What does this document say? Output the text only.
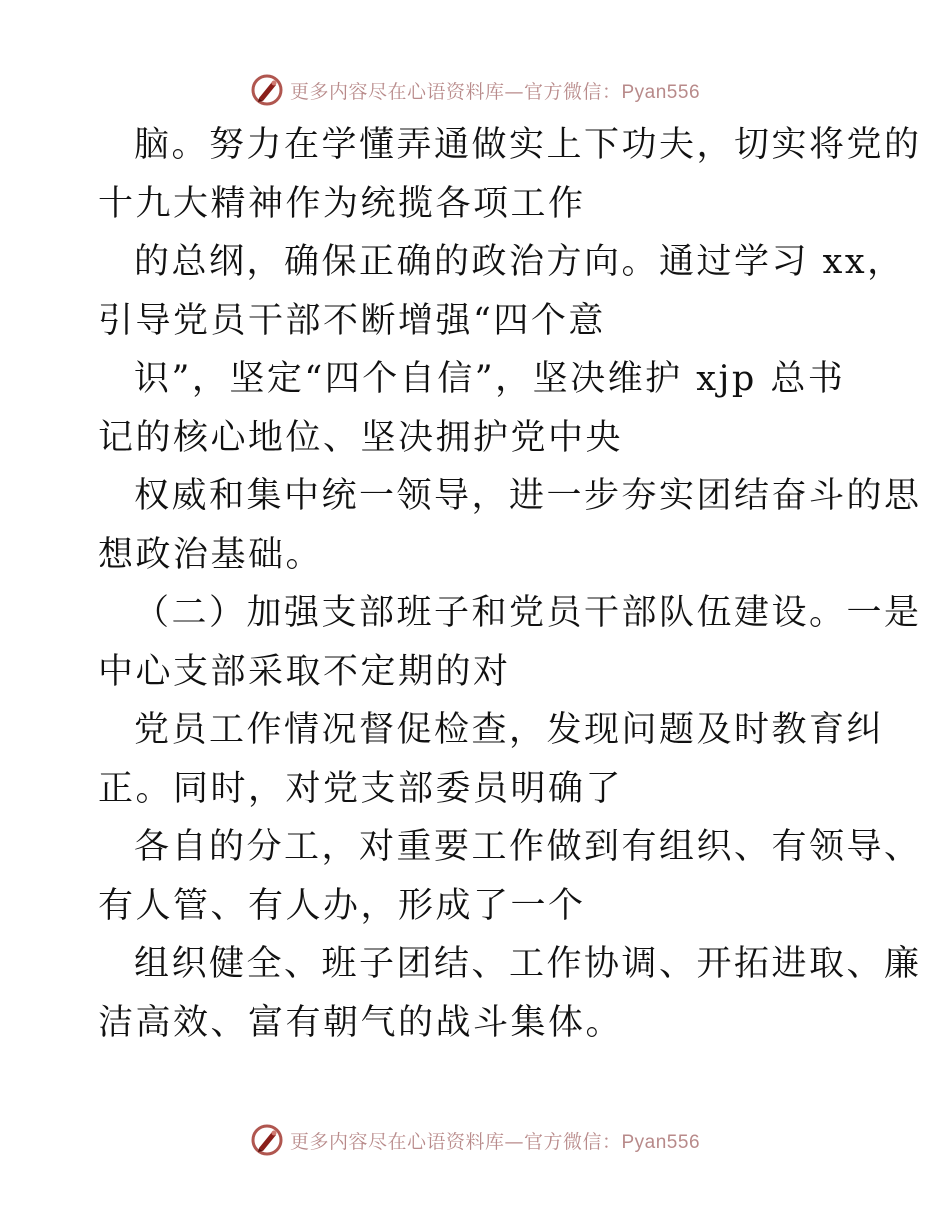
更多内容尽在心语资料库—官方微信：Pyan556
脑。努力在学懂弄通做实上下功夫，切实将党的
十九大精神作为统揽各项工作
的总纲，确保正确的政治方向。通过学习 xx，
引导党员干部不断增强“四个意
识”，坚定“四个自信”，坚决维护 xjp 总书
记的核心地位、坚决拥护党中央
权威和集中统一领导，进一步夯实团结奋斗的思
想政治基础。
（二）加强支部班子和党员干部队伍建设。一是
中心支部采取不定期的对
党员工作情况督促检查，发现问题及时教育纠
正。同时，对党支部委员明确了
各自的分工，对重要工作做到有组织、有领导、
有人管、有人办，形成了一个
组织健全、班子团结、工作协调、开拓进取、廉
洁高效、富有朝气的战斗集体。
更多内容尽在心语资料库—官方微信：Pyan556
